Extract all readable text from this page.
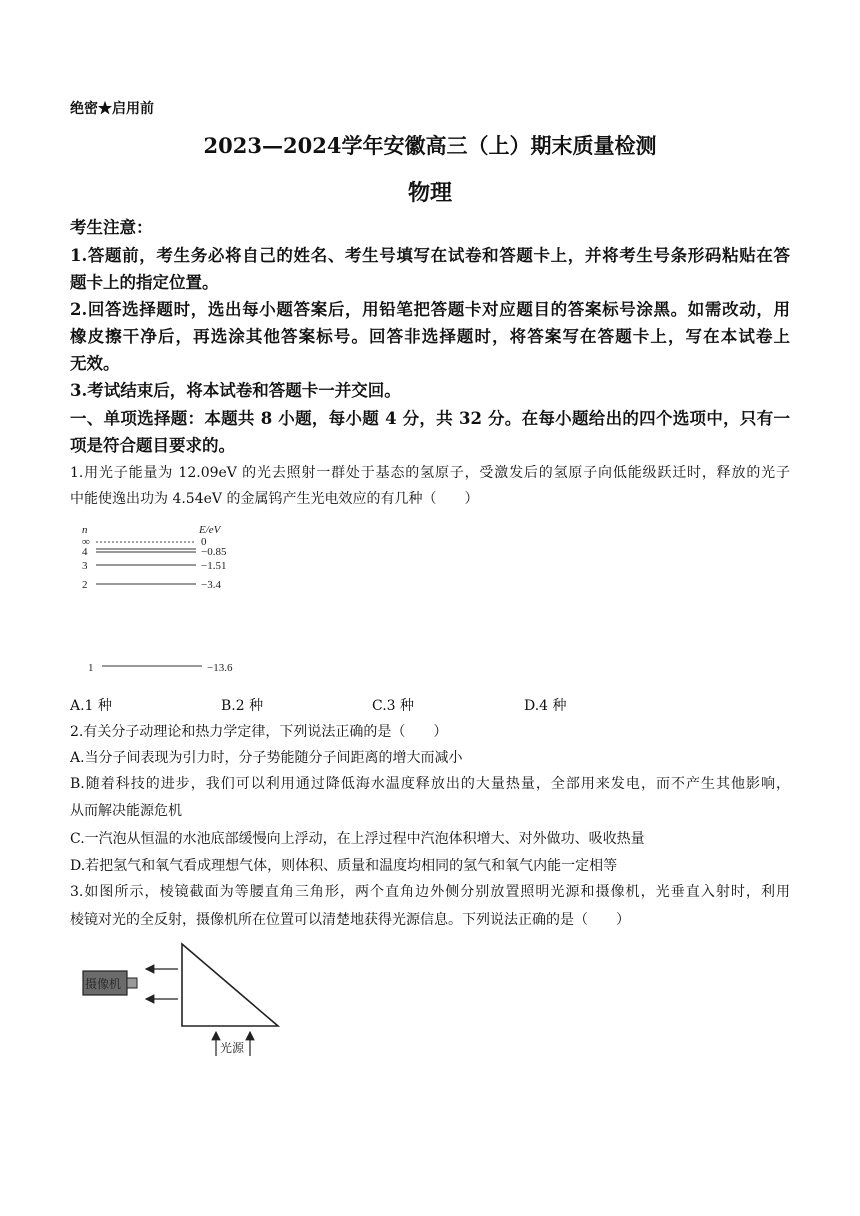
绝密★启用前
2023—2024学年安徽高三（上）期末质量检测
物理
考生注意：
1.答题前，考生务必将自己的姓名、考生号填写在试卷和答题卡上，并将考生号条形码粘贴在答
题卡上的指定位置。
2.回答选择题时，选出每小题答案后，用铅笔把答题卡对应题目的答案标号涂黑。如需改动，用
橡皮擦干净后，再选涂其他答案标号。回答非选择题时，将答案写在答题卡上，写在本试卷上
无效。
3.考试结束后，将本试卷和答题卡一并交回。
一、单项选择题：本题共 8 小题，每小题 4 分，共 32 分。在每小题给出的四个选项中，只有一
项是符合题目要求的。
1.用光子能量为 12.09eV 的光去照射一群处于基态的氢原子，受激发后的氢原子向低能级跃迁时，释放的光子
中能使逸出功为 4.54eV 的金属钨产生光电效应的有几种（　　）
n	E/eV
∞	0
4	−0.85
3	−1.51
2	−3.4
1	−13.6
A.1 种	B.2 种	C.3 种	D.4 种
2.有关分子动理论和热力学定律，下列说法正确的是（　　）
A.当分子间表现为引力时，分子势能随分子间距离的增大而减小
B.随着科技的进步，我们可以利用通过降低海水温度释放出的大量热量，全部用来发电，而不产生其他影响，
从而解决能源危机
C.一汽泡从恒温的水池底部缓慢向上浮动，在上浮过程中汽泡体积增大、对外做功、吸收热量
D.若把氢气和氧气看成理想气体，则体积、质量和温度均相同的氢气和氧气内能一定相等
3.如图所示，棱镜截面为等腰直角三角形，两个直角边外侧分别放置照明光源和摄像机，光垂直入射时，利用
棱镜对光的全反射，摄像机所在位置可以清楚地获得光源信息。下列说法正确的是（　　）
摄像机
光源
